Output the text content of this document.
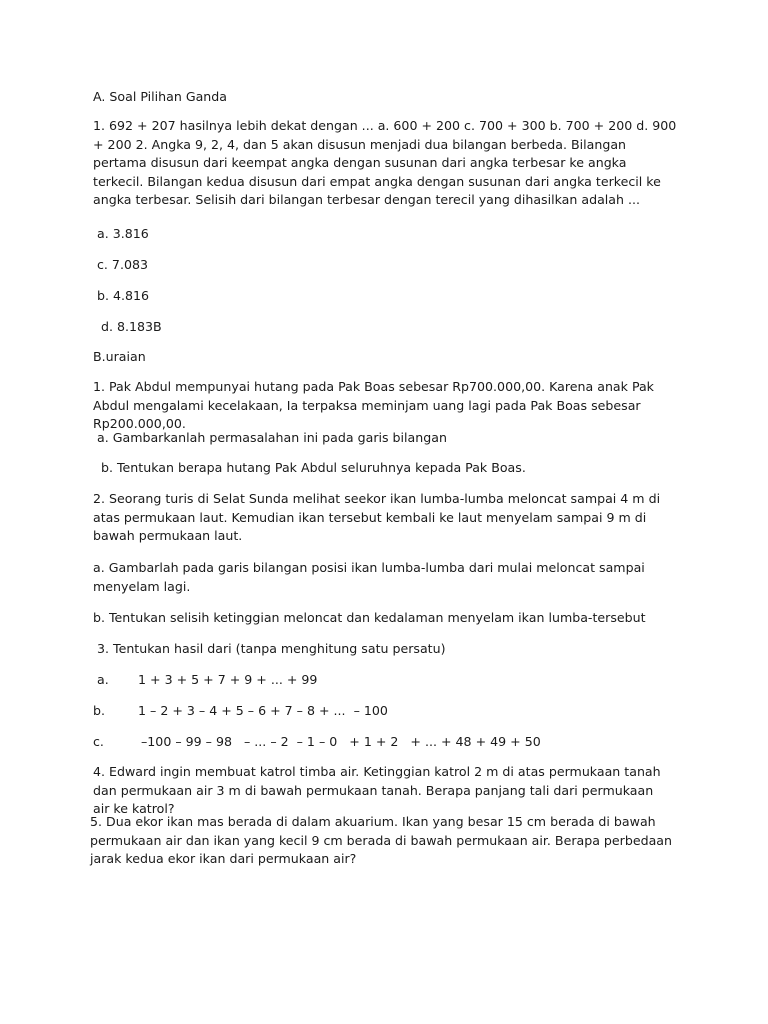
A. Soal Pilihan Ganda
1. 692 + 207 hasilnya lebih dekat dengan ... a. 600 + 200 c. 700 + 300 b. 700 + 200 d. 900 + 200 2. Angka 9, 2, 4, dan 5 akan disusun menjadi dua bilangan berbeda. Bilangan pertama disusun dari keempat angka dengan susunan dari angka terbesar ke angka terkecil. Bilangan kedua disusun dari empat angka dengan susunan dari angka terkecil ke angka terbesar. Selisih dari bilangan terbesar dengan terecil yang dihasilkan adalah ...
a. 3.816
c. 7.083
b. 4.816
d. 8.183B
B.uraian
1. Pak Abdul mempunyai hutang pada Pak Boas sebesar Rp700.000,00. Karena anak Pak Abdul mengalami kecelakaan, Ia terpaksa meminjam uang lagi pada Pak Boas sebesar Rp200.000,00.
a. Gambarkanlah permasalahan ini pada garis bilangan
b. Tentukan berapa hutang Pak Abdul seluruhnya kepada Pak Boas.
2. Seorang turis di Selat Sunda melihat seekor ikan lumba-lumba meloncat sampai 4 m di atas permukaan laut. Kemudian ikan tersebut kembali ke laut menyelam sampai 9 m di bawah permukaan laut.
a. Gambarlah pada garis bilangan posisi ikan lumba-lumba dari mulai meloncat sampai menyelam lagi.
b. Tentukan selisih ketinggian meloncat dan kedalaman menyelam ikan lumba-tersebut
3. Tentukan hasil dari (tanpa menghitung satu persatu)
a. 1 + 3 + 5 + 7 + 9 + ... + 99
b.	1 – 2 + 3 – 4 + 5 – 6 + 7 – 8 + ...  – 100
c.	–100 – 99 – 98   – ... – 2  – 1 – 0   + 1 + 2   + ... + 48 + 49 + 50
4. Edward ingin membuat katrol timba air. Ketinggian katrol 2 m di atas permukaan tanah dan permukaan air 3 m di bawah permukaan tanah. Berapa panjang tali dari permukaan air ke katrol?
5. Dua ekor ikan mas berada di dalam akuarium. Ikan yang besar 15 cm berada di bawah permukaan air dan ikan yang kecil 9 cm berada di bawah permukaan air. Berapa perbedaan jarak kedua ekor ikan dari permukaan air?
